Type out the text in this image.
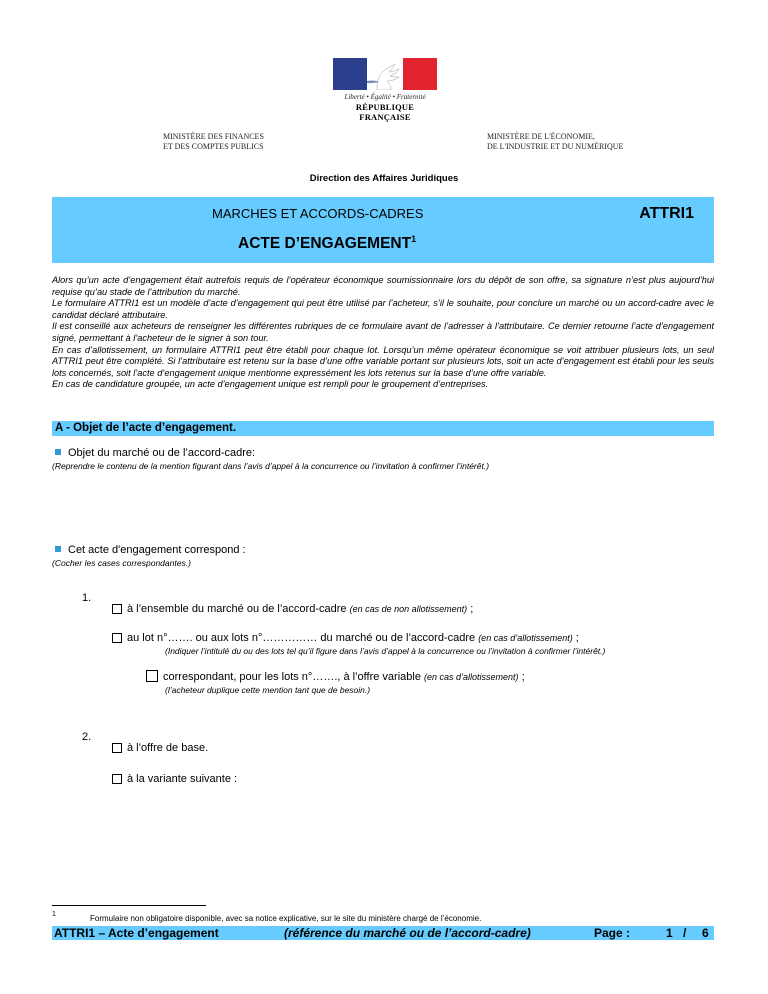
Liberté • Égalité • Fraternité
RÉPUBLIQUE FRANÇAISE
MINISTÈRE DES FINANCES
ET DES COMPTES PUBLICS
MINISTÈRE DE L'ÉCONOMIE,
DE L'INDUSTRIE ET DU NUMÉRIQUE
Direction des Affaires Juridiques
MARCHES ET ACCORDS-CADRES	ATTRI1
ACTE D’ENGAGEMENT$^1$

Alors qu’un acte d’engagement était autrefois requis de l’opérateur économique soumissionnaire lors du dépôt de son offre, sa signature n’est plus aujourd’hui requise qu’au stade de l’attribution du marché.

Le formulaire ATTRI1 est un modèle d’acte d’engagement qui peut être utilisé par l’acheteur, s’il le souhaite, pour conclure un marché ou un accord-cadre avec le candidat déclaré attributaire.

Il est conseillé aux acheteurs de renseigner les différentes rubriques de ce formulaire avant de l’adresser à l’attributaire. Ce dernier retourne l’acte d’engagement signé, permettant à l’acheteur de le signer à son tour.

En cas d’allotissement, un formulaire ATTRI1 peut être établi pour chaque lot. Lorsqu’un même opérateur économique se voit attribuer plusieurs lots, un seul ATTRI1 peut être complété. Si l’attributaire est retenu sur la base d’une offre variable portant sur plusieurs lots, soit un acte d’engagement est établi pour les seuls lots concernés, soit l’acte d’engagement unique mentionne expressément les lots retenus sur la base d’une offre variable.

En cas de candidature groupée, un acte d’engagement unique est rempli pour le groupement d’entreprises.

A - Objet de l’acte d’engagement.
Objet du marché ou de l’accord-cadre:
(Reprendre le contenu de la mention figurant dans l’avis d’appel à la concurrence ou l’invitation à confirmer l’intérêt.)
Cet acte d'engagement correspond :
(Cocher les cases correspondantes.)
1.
à l’ensemble du marché ou de l’accord-cadre (en cas de non allotissement) ;
au lot n°……. ou aux lots n°…………… du marché ou de l’accord-cadre (en cas d’allotissement) ;
(Indiquer l’intitulé du ou des lots tel qu’il figure dans l’avis d’appel à la concurrence ou l’invitation à confirmer l’intérêt.)
correspondant, pour les lots n°……., à l’offre variable (en cas d’allotissement) ;
(l’acheteur duplique cette mention tant que de besoin.)
2.
à l’offre de base.
à la variante suivante :
1	Formulaire non obligatoire disponible, avec sa notice explicative, sur le site du ministère chargé de l’économie.
ATTRI1 – Acte d’engagement	(référence du marché ou de l’accord-cadre)	Page :	1 / 6
